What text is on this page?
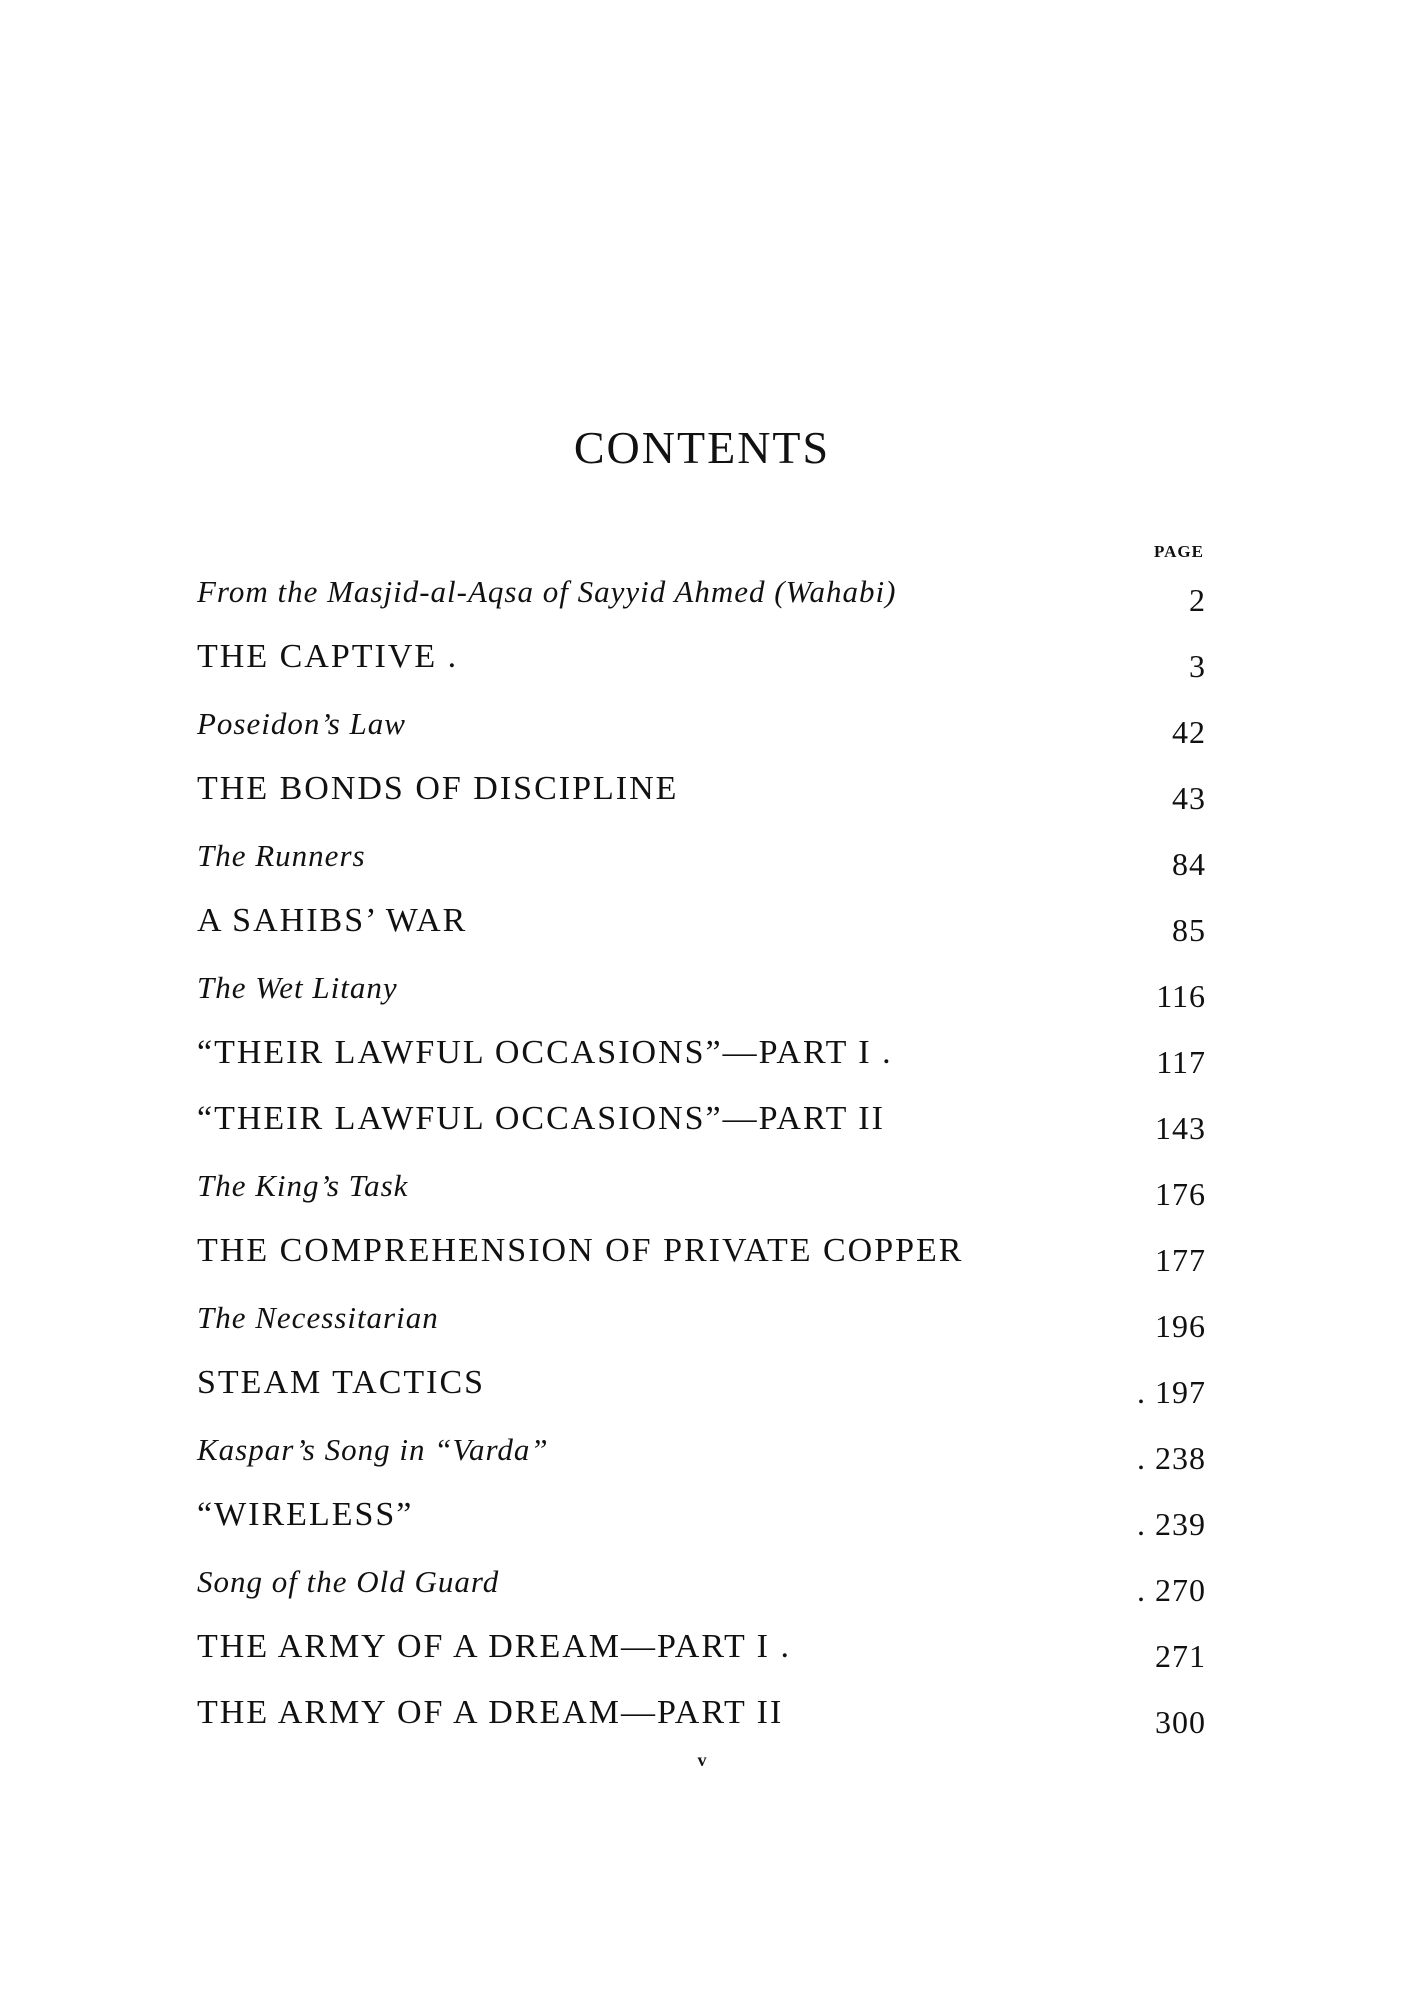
CONTENTS
PAGE
From the Masjid-al-Aqsa of Sayyid Ahmed (Wahabi)	2
THE CAPTIVE .	3
Poseidon’s Law	42
THE BONDS OF DISCIPLINE	43
The Runners	84
A SAHIBS’ WAR	85
The Wet Litany	116
“THEIR LAWFUL OCCASIONS”—PART I .	117
“THEIR LAWFUL OCCASIONS”—PART II	143
The King’s Task	176
THE COMPREHENSION OF PRIVATE COPPER	177
The Necessitarian	196
STEAM TACTICS	. 197
Kaspar’s Song in “Varda”	. 238
“WIRELESS”	. 239
Song of the Old Guard	. 270
THE ARMY OF A DREAM—PART I .	271
THE ARMY OF A DREAM—PART II	300
v
